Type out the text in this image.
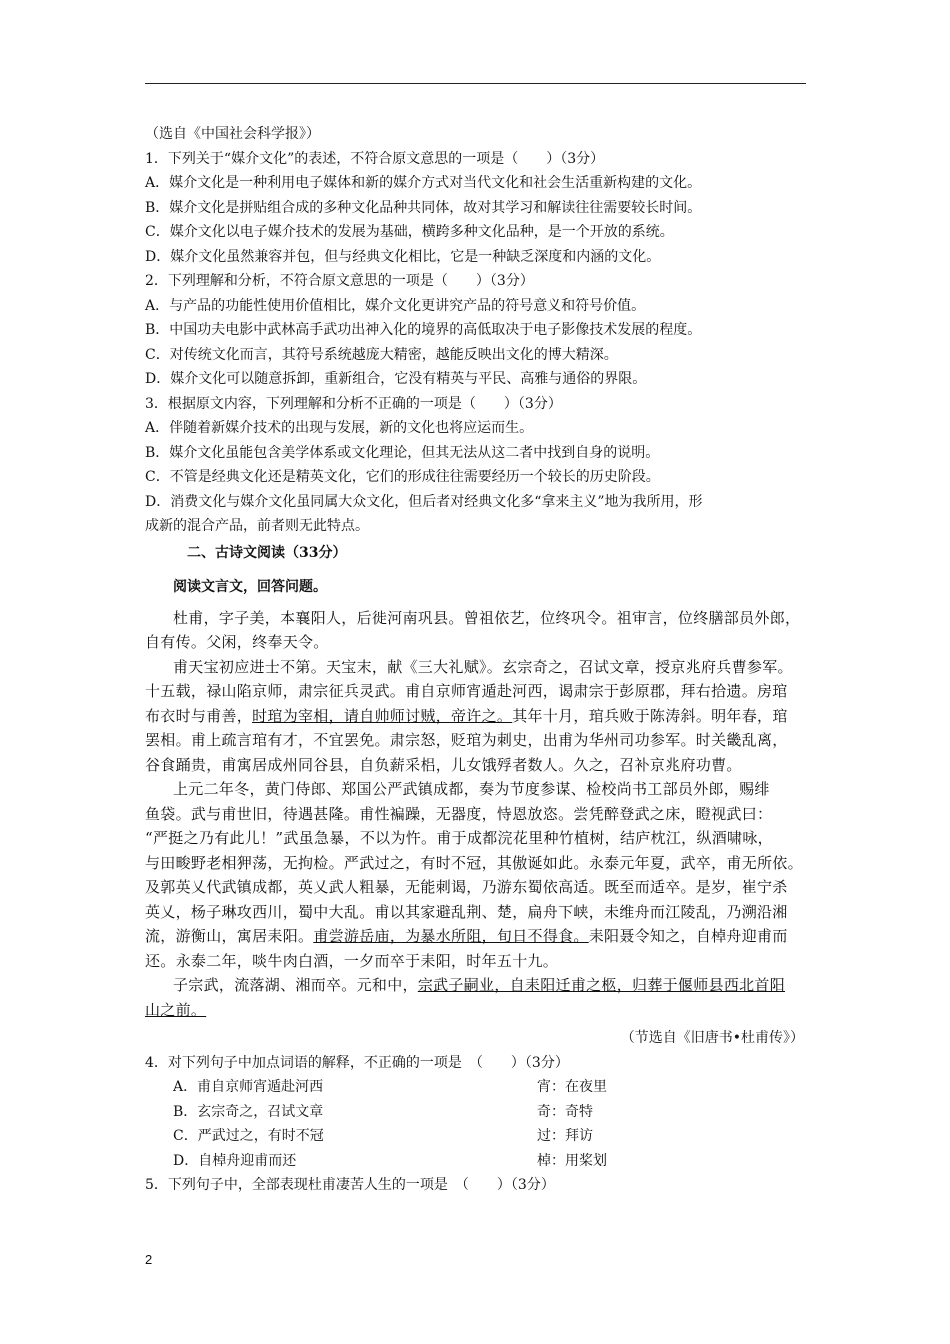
（选自《中国社会科学报》）
1．下列关于“媒介文化”的表述，不符合原文意思的一项是（　　）（3分）
A．媒介文化是一种利用电子媒体和新的媒介方式对当代文化和社会生活重新构建的文化。
B．媒介文化是拼贴组合成的多种文化品种共同体，故对其学习和解读往往需要较长时间。
C．媒介文化以电子媒介技术的发展为基础，横跨多种文化品种，是一个开放的系统。
D．媒介文化虽然兼容并包，但与经典文化相比，它是一种缺乏深度和内涵的文化。
2．下列理解和分析，不符合原文意思的一项是（　　）（3分）
A．与产品的功能性使用价值相比，媒介文化更讲究产品的符号意义和符号价值。
B．中国功夫电影中武林高手武功出神入化的境界的高低取决于电子影像技术发展的程度。
C．对传统文化而言，其符号系统越庞大精密，越能反映出文化的博大精深。
D．媒介文化可以随意拆卸，重新组合，它没有精英与平民、高雅与通俗的界限。
3．根据原文内容，下列理解和分析不正确的一项是（　　）（3分）
A．伴随着新媒介技术的出现与发展，新的文化也将应运而生。
B．媒介文化虽能包含美学体系或文化理论，但其无法从这二者中找到自身的说明。
C．不管是经典文化还是精英文化，它们的形成往往需要经历一个较长的历史阶段。
D．消费文化与媒介文化虽同属大众文化，但后者对经典文化多“拿来主义”地为我所用，形
成新的混合产品，前者则无此特点。
二、古诗文阅读（33分）
阅读文言文，回答问题。
杜甫，字子美，本襄阳人，后徙河南巩县。曾祖依艺，位终巩令。祖审言，位终膳部员外郎，
自有传。父闲，终奉天令。
甫天宝初应进士不第。天宝末，献《三大礼赋》。玄宗奇之，召试文章，授京兆府兵曹参军。
十五载，禄山陷京师，肃宗征兵灵武。甫自京师宵遁赴河西，谒肃宗于彭原郡，拜右拾遗。房琯
布衣时与甫善，时琯为宰相，请自帅师讨贼，帝许之。其年十月，琯兵败于陈涛斜。明年春，琯
罢相。甫上疏言琯有才，不宜罢免。肃宗怒，贬琯为刺史，出甫为华州司功参军。时关畿乱离，
谷食踊贵，甫寓居成州同谷县，自负薪采梠，儿女饿殍者数人。久之，召补京兆府功曹。
上元二年冬，黄门侍郎、郑国公严武镇成都，奏为节度参谋、检校尚书工部员外郎，赐绯
鱼袋。武与甫世旧，待遇甚隆。甫性褊躁，无器度，恃恩放恣。尝凭醉登武之床，瞪视武曰：
“严挺之乃有此儿！”武虽急暴，不以为忤。甫于成都浣花里种竹植树，结庐枕江，纵酒啸咏，
与田畯野老相狎荡，无拘检。严武过之，有时不冠，其傲诞如此。永泰元年夏，武卒，甫无所依。
及郭英乂代武镇成都，英乂武人粗暴，无能刺谒，乃游东蜀依高适。既至而适卒。是岁，崔宁杀
英乂，杨子琳攻西川，蜀中大乱。甫以其家避乱荆、楚，扁舟下峡，未维舟而江陵乱，乃溯沿湘
流，游衡山，寓居耒阳。甫尝游岳庙，为暴水所阻，旬日不得食。耒阳聂令知之，自棹舟迎甫而
还。永泰二年，啖牛肉白酒，一夕而卒于耒阳，时年五十九。
子宗武，流落湖、湘而卒。元和中，宗武子嗣业，自耒阳迁甫之柩，归葬于偃师县西北首阳
山之前。
（节选自《旧唐书•杜甫传》）
4．对下列句子中加点词语的解释，不正确的一项是　（　　）（3分）
A．甫自京师宵遁赴河西	宵：在夜里
B．玄宗奇之，召试文章	奇：奇特
C．严武过之，有时不冠	过：拜访
D．自棹舟迎甫而还	棹：用桨划
5．下列句子中，全部表现杜甫凄苦人生的一项是　（　　）（3分）
2
